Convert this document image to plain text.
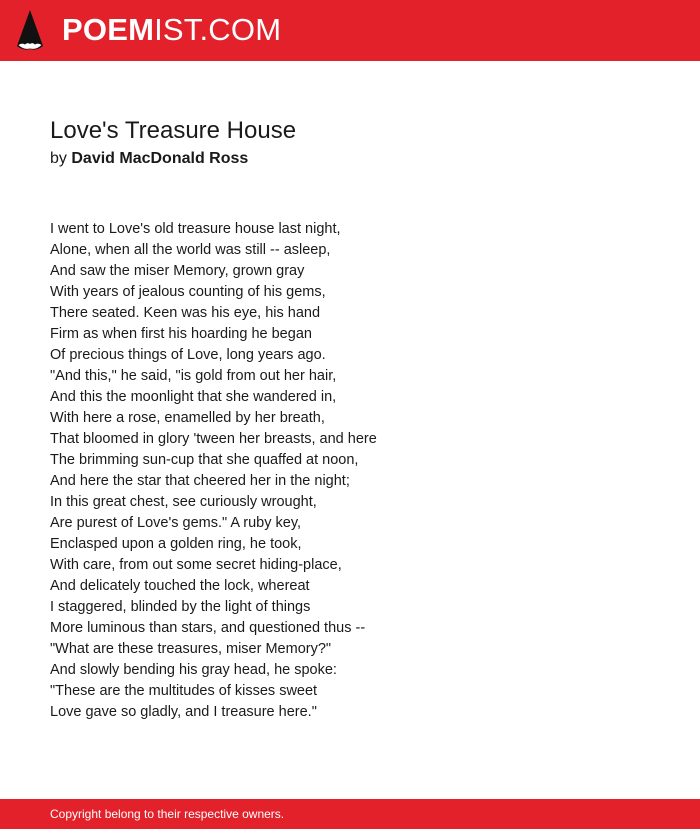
POEMIST.COM
Love's Treasure House
by David MacDonald Ross
I went to Love's old treasure house last night,
Alone, when all the world was still -- asleep,
And saw the miser Memory, grown gray
With years of jealous counting of his gems,
There seated. Keen was his eye, his hand
Firm as when first his hoarding he began
Of precious things of Love, long years ago.
"And this," he said, "is gold from out her hair,
And this the moonlight that she wandered in,
With here a rose, enamelled by her breath,
That bloomed in glory 'tween her breasts, and here
The brimming sun-cup that she quaffed at noon,
And here the star that cheered her in the night;
In this great chest, see curiously wrought,
Are purest of Love's gems." A ruby key,
Enclasped upon a golden ring, he took,
With care, from out some secret hiding-place,
And delicately touched the lock, whereat
I staggered, blinded by the light of things
More luminous than stars, and questioned thus --
"What are these treasures, miser Memory?"
And slowly bending his gray head, he spoke:
"These are the multitudes of kisses sweet
Love gave so gladly, and I treasure here."
Copyright belong to their respective owners.
